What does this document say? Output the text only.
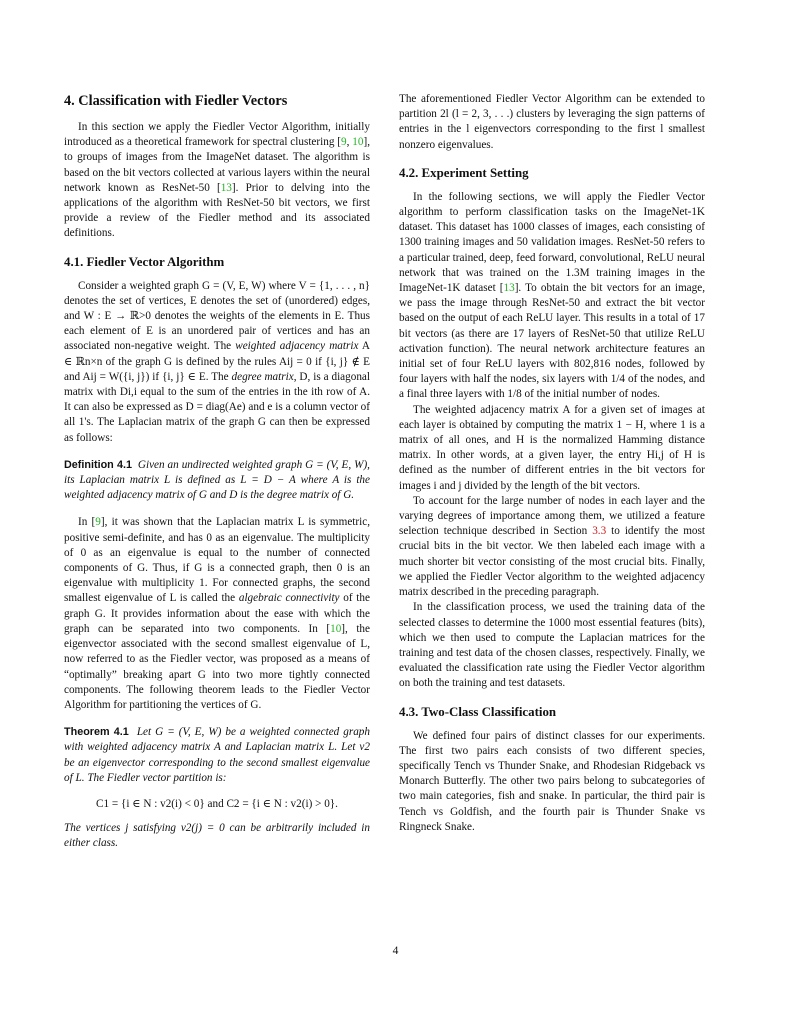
4. Classification with Fiedler Vectors

In this section we apply the Fiedler Vector Algorithm, initially introduced as a theoretical framework for spectral clustering [9, 10], to groups of images from the ImageNet dataset. The algorithm is based on the bit vectors collected at various layers within the neural network known as ResNet-50 [13]. Prior to delving into the applications of the algorithm with ResNet-50 bit vectors, we first provide a review of the Fiedler method and its associated definitions.

4.1. Fiedler Vector Algorithm

Consider a weighted graph G = (V, E, W) where V = {1, . . . , n} denotes the set of vertices, E denotes the set of (unordered) edges, and W : E → ℝ>0 denotes the weights of the elements in E. Thus each element of E is an unordered pair of vertices and has an associated non-negative weight. The weighted adjacency matrix A ∈ ℝn×n of the graph G is defined by the rules Aij = 0 if {i, j} ∉ E and Aij = W({i, j}) if {i, j} ∈ E. The degree matrix, D, is a diagonal matrix with Di,i equal to the sum of the entries in the ith row of A. It can also be expressed as D = diag(Ae) and e is a column vector of all 1's. The Laplacian matrix of the graph G can then be expressed as follows:

Definition 4.1 Given an undirected weighted graph G = (V, E, W), its Laplacian matrix L is defined as L = D − A where A is the weighted adjacency matrix of G and D is the degree matrix of G.

In [9], it was shown that the Laplacian matrix L is symmetric, positive semi-definite, and has 0 as an eigenvalue. The multiplicity of 0 as an eigenvalue is equal to the number of connected components of G. Thus, if G is a connected graph, then 0 is an eigenvalue with multiplicity 1. For connected graphs, the second smallest eigenvalue of L is called the algebraic connectivity of the graph G. It provides information about the ease with which the graph can be separated into two components. In [10], the eigenvector associated with the second smallest eigenvalue of L, now referred to as the Fiedler vector, was proposed as a means of “optimally” breaking apart G into two more tightly connected components. The following theorem leads to the Fiedler Vector Algorithm for partitioning the vertices of G.

Theorem 4.1 Let G = (V, E, W) be a weighted connected graph with weighted adjacency matrix A and Laplacian matrix L. Let v2 be an eigenvector corresponding to the second smallest eigenvalue of L. The Fiedler vector partition is:

C1 = {i ∈ N : v2(i) < 0} and C2 = {i ∈ N : v2(i) > 0}.

The vertices j satisfying v2(j) = 0 can be arbitrarily included in either class.

The aforementioned Fiedler Vector Algorithm can be extended to partition 2l (l = 2, 3, . . .) clusters by leveraging the sign patterns of entries in the l eigenvectors corresponding to the first l smallest nonzero eigenvalues.

4.2. Experiment Setting

In the following sections, we will apply the Fiedler Vector algorithm to perform classification tasks on the ImageNet-1K dataset. This dataset has 1000 classes of images, each consisting of 1300 training images and 50 validation images. ResNet-50 refers to a particular trained, deep, feed forward, convolutional, ReLU neural network that was trained on the 1.3M training images in the ImageNet-1K dataset [13]. To obtain the bit vectors for an image, we pass the image through ResNet-50 and extract the bit vector based on the output of each ReLU layer. This results in a total of 17 bit vectors (as there are 17 layers of ResNet-50 that utilize ReLU activation function). The neural network architecture features an initial set of four ReLU layers with 802,816 nodes, followed by four layers with half the nodes, six layers with 1/4 of the nodes, and a final three layers with 1/8 of the initial number of nodes.

The weighted adjacency matrix A for a given set of images at each layer is obtained by computing the matrix 1 − H, where 1 is a matrix of all ones, and H is the normalized Hamming distance matrix. In other words, at a given layer, the entry Hi,j of H is defined as the number of different entries in the bit vectors for images i and j divided by the length of the bit vectors.

To account for the large number of nodes in each layer and the varying degrees of importance among them, we utilized a feature selection technique described in Section 3.3 to identify the most crucial bits in the bit vector. We then labeled each image with a much shorter bit vector consisting of the most crucial bits. Finally, we applied the Fiedler Vector algorithm to the weighted adjacency matrix described in the preceding paragraph.

In the classification process, we used the training data of the selected classes to determine the 1000 most essential features (bits), which we then used to compute the Laplacian matrices for the training and test data of the chosen classes, respectively. Finally, we evaluated the classification rate using the Fiedler Vector algorithm on both the training and test datasets.

4.3. Two-Class Classification

We defined four pairs of distinct classes for our experiments. The first two pairs each consists of two different species, specifically Tench vs Thunder Snake, and Rhodesian Ridgeback vs Monarch Butterfly. The other two pairs belong to subcategories of two main categories, fish and snake. In particular, the third pair is Tench vs Goldfish, and the fourth pair is Thunder Snake vs Ringneck Snake.

4
